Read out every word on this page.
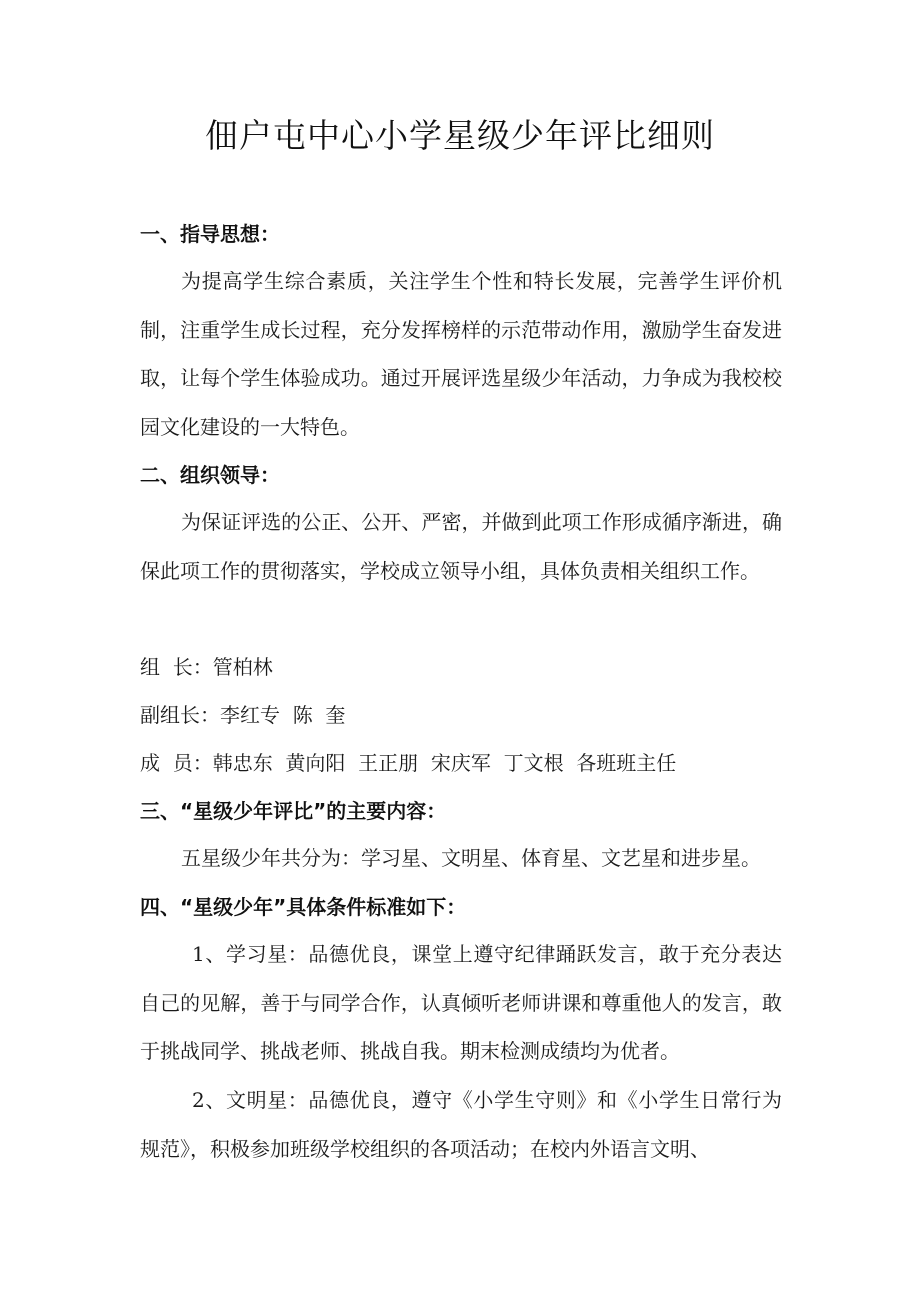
佃户屯中心小学星级少年评比细则
一、指导思想：
为提高学生综合素质，关注学生个性和特长发展，完善学生评价机制，注重学生成长过程，充分发挥榜样的示范带动作用，激励学生奋发进取，让每个学生体验成功。通过开展评选星级少年活动，力争成为我校校园文化建设的一大特色。
二、组织领导：
为保证评选的公正、公开、严密，并做到此项工作形成循序渐进，确保此项工作的贯彻落实，学校成立领导小组，具体负责相关组织工作。
组  长：管柏林
副组长：李红专  陈  奎
成  员：韩忠东  黄向阳  王正朋  宋庆军  丁文根  各班班主任
三、“星级少年评比”的主要内容：
五星级少年共分为：学习星、文明星、体育星、文艺星和进步星。
四、“星级少年”具体条件标准如下：
1、学习星：品德优良，课堂上遵守纪律踊跃发言，敢于充分表达自己的见解，善于与同学合作，认真倾听老师讲课和尊重他人的发言，敢于挑战同学、挑战老师、挑战自我。期末检测成绩均为优者。
2、文明星：品德优良，遵守《小学生守则》和《小学生日常行为规范》，积极参加班级学校组织的各项活动；在校内外语言文明、
